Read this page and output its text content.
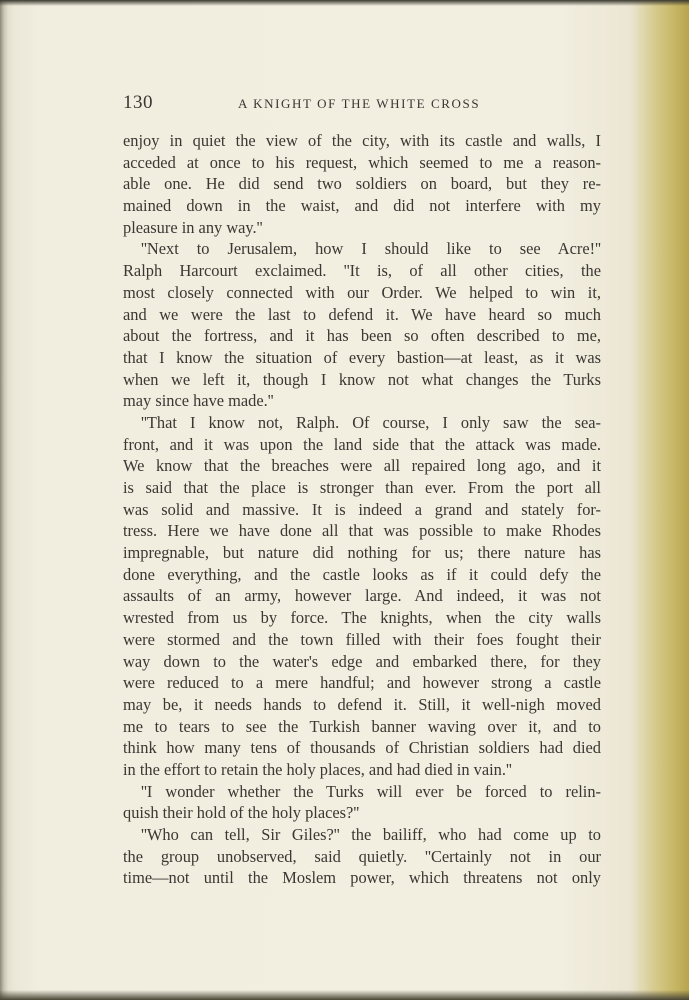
130	A KNIGHT OF THE WHITE CROSS
enjoy in quiet the view of the city, with its castle and walls, I
acceded at once to his request, which seemed to me a reason-
able one. He did send two soldiers on board, but they re-
mained down in the waist, and did not interfere with my
pleasure in any way.''
''Next to Jerusalem, how I should like to see Acre!''
Ralph Harcourt exclaimed. ''It is, of all other cities, the
most closely connected with our Order. We helped to win it,
and we were the last to defend it. We have heard so much
about the fortress, and it has been so often described to me,
that I know the situation of every bastion—at least, as it was
when we left it, though I know not what changes the Turks
may since have made.''
''That I know not, Ralph. Of course, I only saw the sea-
front, and it was upon the land side that the attack was made.
We know that the breaches were all repaired long ago, and it
is said that the place is stronger than ever. From the port all
was solid and massive. It is indeed a grand and stately for-
tress. Here we have done all that was possible to make Rhodes
impregnable, but nature did nothing for us; there nature has
done everything, and the castle looks as if it could defy the
assaults of an army, however large. And indeed, it was not
wrested from us by force. The knights, when the city walls
were stormed and the town filled with their foes fought their
way down to the water's edge and embarked there, for they
were reduced to a mere handful; and however strong a castle
may be, it needs hands to defend it. Still, it well-nigh moved
me to tears to see the Turkish banner waving over it, and to
think how many tens of thousands of Christian soldiers had died
in the effort to retain the holy places, and had died in vain.''
''I wonder whether the Turks will ever be forced to relin-
quish their hold of the holy places?''
''Who can tell, Sir Giles?'' the bailiff, who had come up to
the group unobserved, said quietly. ''Certainly not in our
time—not until the Moslem power, which threatens not only
